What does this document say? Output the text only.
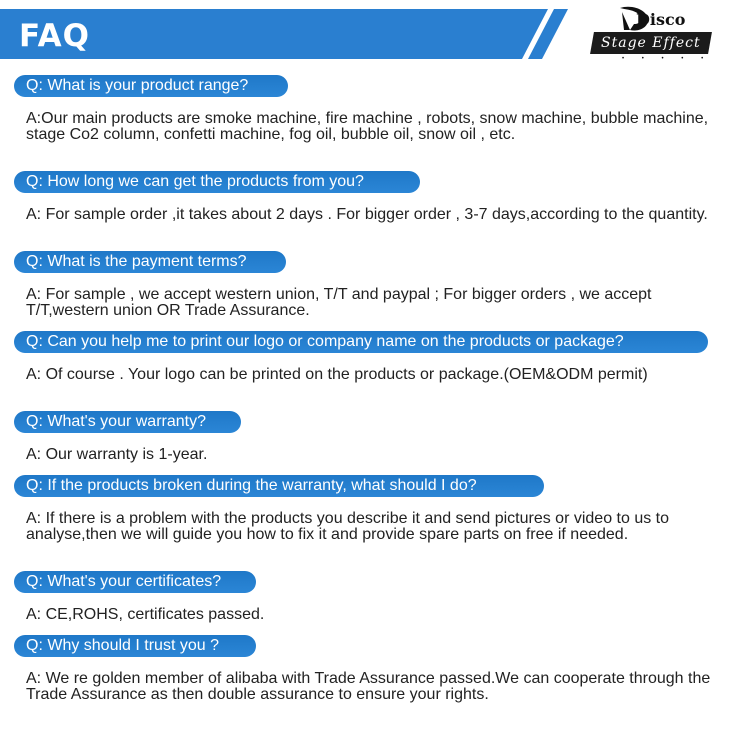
FAQ	Disco
Stage Effect
• • • • •
Q: What is your product range?
A:Our main products are smoke machine, fire machine , robots, snow machine, bubble machine, stage Co2 column, confetti machine, fog oil, bubble oil, snow oil , etc.
Q: How long we can get the products from you?
A: For sample order ,it takes about 2 days . For bigger order , 3-7 days,according to the quantity.
Q: What is the payment terms?
A: For sample , we accept western union, T/T and paypal ; For bigger orders , we accept T/T,western union OR Trade Assurance.
Q: Can you help me to print our logo or company name on the products or package?
A: Of course . Your logo can be printed on the products or package.(OEM&ODM permit)
Q: What's your warranty?
A: Our warranty is 1-year.
Q: If the products broken during the warranty, what should I do?
A: If there is a problem with the products you describe it and send pictures or video to us to analyse,then we will guide you how to fix it and provide spare parts on free if needed.
Q: What's your certificates?
A: CE,ROHS, certificates passed.
Q: Why should I trust you ?
A: We re golden member of alibaba with Trade Assurance passed.We can cooperate through the Trade Assurance as then double assurance to ensure your rights.
